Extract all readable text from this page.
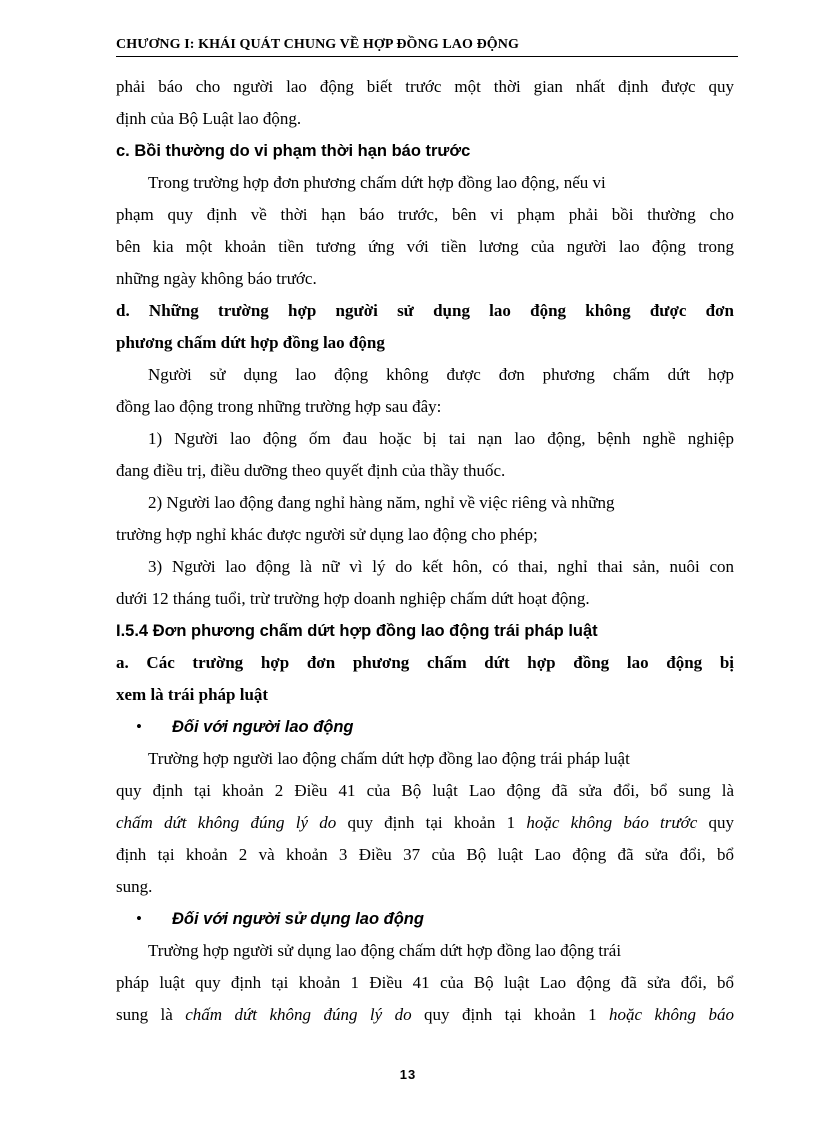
CHƯƠNG I: KHÁI QUÁT CHUNG VỀ HỢP ĐỒNG LAO ĐỘNG
phải báo cho người lao động biết trước một thời gian nhất định được quy
định của Bộ Luật lao động.
c. Bồi thường do vi phạm thời hạn báo trước
Trong trường hợp đơn phương chấm dứt hợp đồng lao động, nếu vi
phạm quy định về thời hạn báo trước, bên vi phạm phải bồi thường cho
bên kia một khoản tiền tương ứng với tiền lương của người lao động trong
những ngày không báo trước.
d. Những trường hợp người sử dụng lao động không được đơn
phương chấm dứt hợp đồng lao động
Người sử dụng lao động không được đơn phương chấm dứt hợp
đồng lao động trong những trường hợp sau đây:
1) Người lao động ốm đau hoặc bị tai nạn lao động, bệnh nghề nghiệp
đang điều trị, điều dưỡng theo quyết định của thầy thuốc.
2) Người lao động đang nghỉ hàng năm, nghỉ về việc riêng và những
trường hợp nghỉ khác được người sử dụng lao động cho phép;
3) Người lao động là nữ vì lý do kết hôn, có thai, nghỉ thai sản, nuôi con
dưới 12 tháng tuổi, trừ trường hợp doanh nghiệp chấm dứt hoạt động.
I.5.4 Đơn phương chấm dứt hợp đồng lao động trái pháp luật
a. Các trường hợp đơn phương chấm dứt hợp đồng lao động bị
xem là trái pháp luật
• Đối với người lao động
Trường hợp người lao động chấm dứt hợp đồng lao động trái pháp luật
quy định tại khoản 2 Điều 41 của Bộ luật Lao động đã sửa đổi, bổ sung là
chấm dứt không đúng lý do quy định tại khoản 1 hoặc không báo trước quy
định tại khoản 2 và khoản 3 Điều 37 của Bộ luật Lao động đã sửa đổi, bổ
sung.
• Đối với người sử dụng lao động
Trường hợp người sử dụng lao động chấm dứt hợp đồng lao động trái
pháp luật quy định tại khoản 1 Điều 41 của Bộ luật Lao động đã sửa đổi, bổ
sung là chấm dứt không đúng lý do quy định tại khoản 1 hoặc không báo
13
